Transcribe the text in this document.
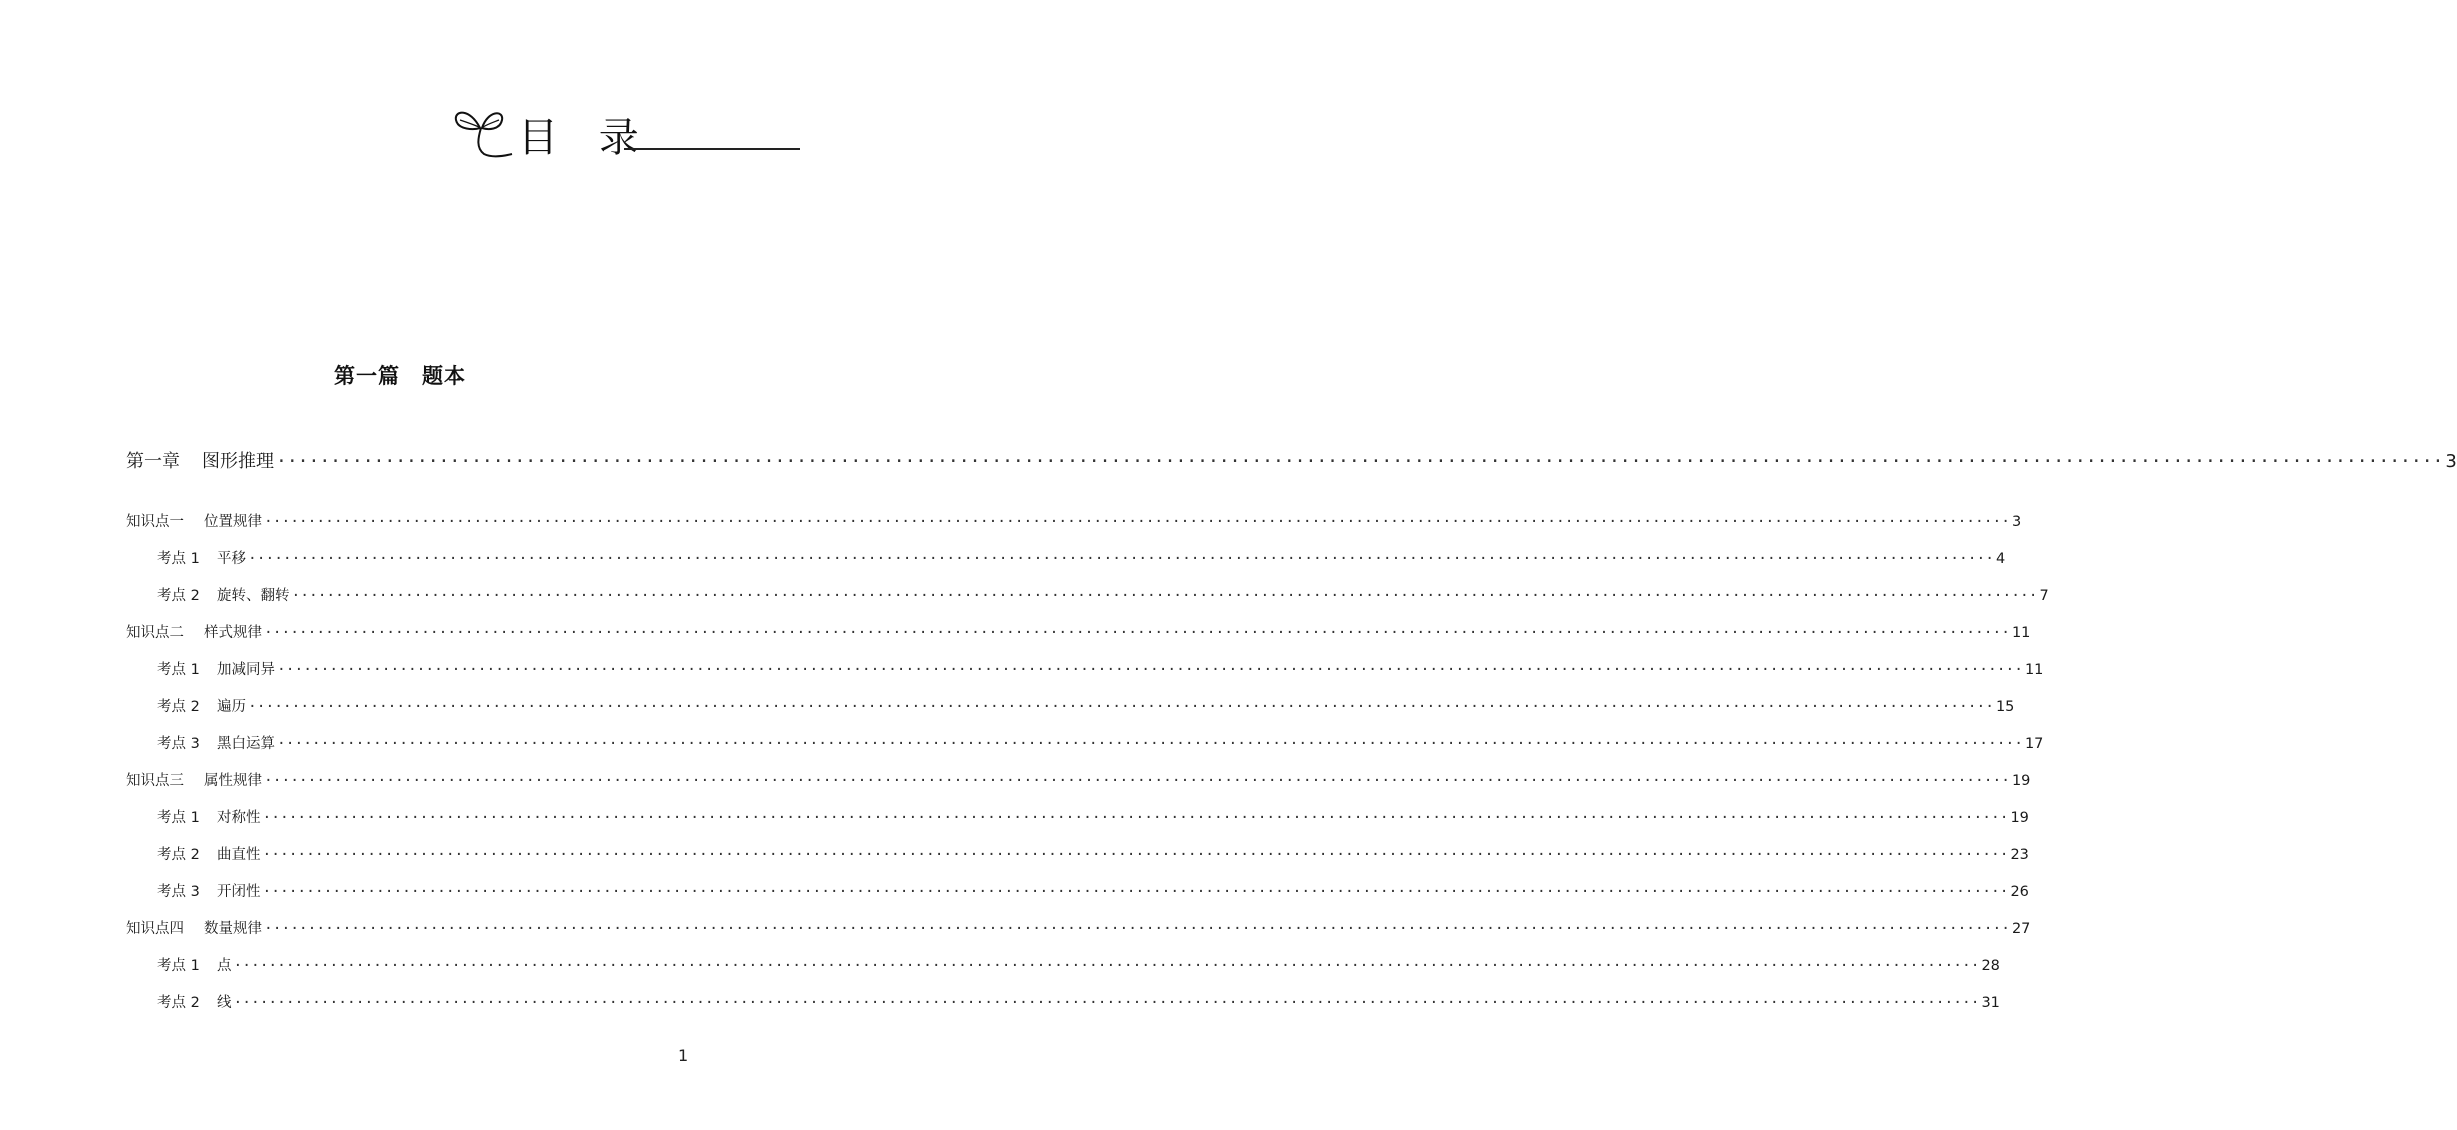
目 录
第一篇 题本
第一章 图形推理 ········································································································································································································ 3
知识点一 位置规律 ········································································································································································································ 3
考点 1 平移 ········································································································································································································ 4
考点 2 旋转、翻转 ········································································································································································································ 7
知识点二 样式规律 ········································································································································································································ 11
考点 1 加减同异 ········································································································································································································ 11
考点 2 遍历 ········································································································································································································ 15
考点 3 黑白运算 ········································································································································································································ 17
知识点三 属性规律 ········································································································································································································ 19
考点 1 对称性 ········································································································································································································ 19
考点 2 曲直性 ········································································································································································································ 23
考点 3 开闭性 ········································································································································································································ 26
知识点四 数量规律 ········································································································································································································ 27
考点 1 点 ········································································································································································································ 28
考点 2 线 ········································································································································································································ 31
1
